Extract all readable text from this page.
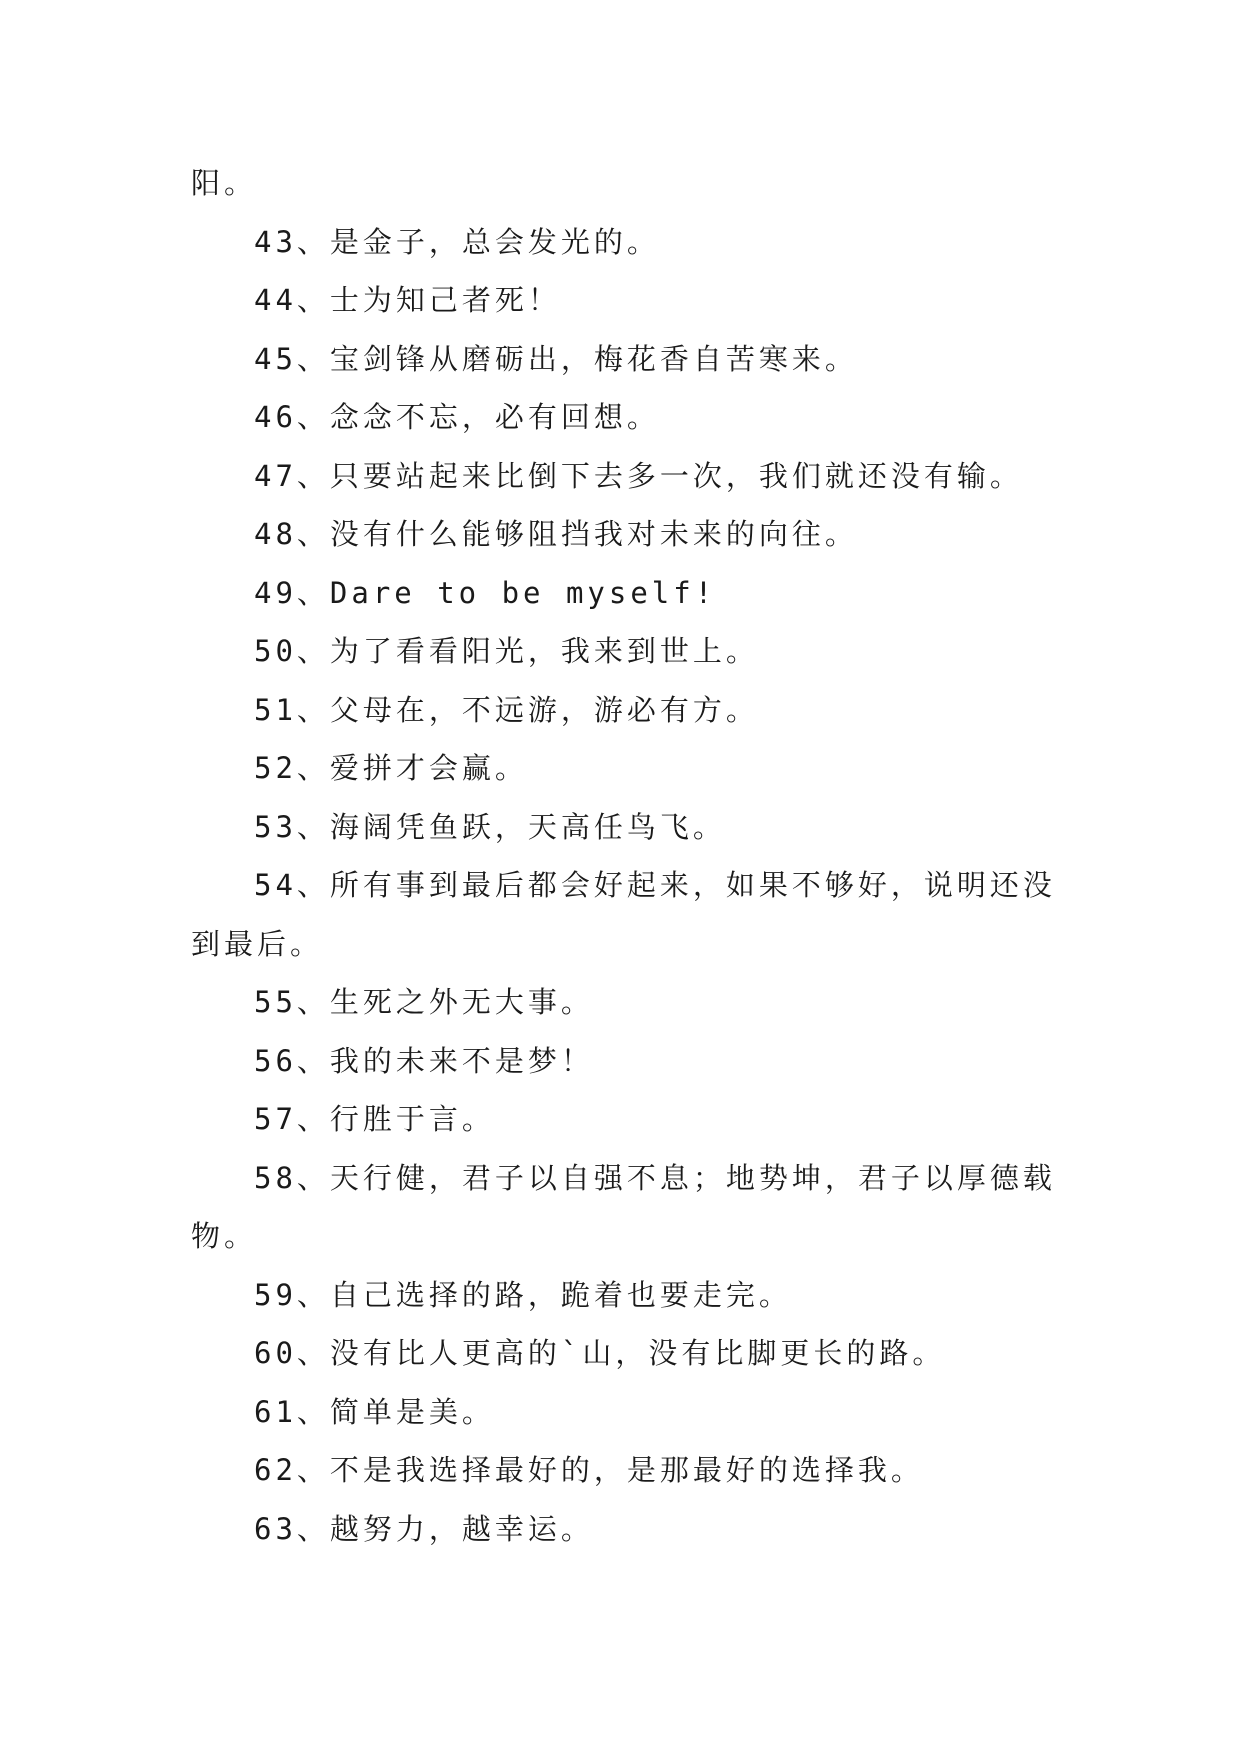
阳。
43、是金子，总会发光的。
44、士为知己者死！
45、宝剑锋从磨砺出，梅花香自苦寒来。
46、念念不忘，必有回想。
47、只要站起来比倒下去多一次，我们就还没有输。
48、没有什么能够阻挡我对未来的向往。
49、Dare to be myself!
50、为了看看阳光，我来到世上。
51、父母在，不远游，游必有方。
52、爱拼才会赢。
53、海阔凭鱼跃，天高任鸟飞。
54、所有事到最后都会好起来，如果不够好，说明还没
到最后。
55、生死之外无大事。
56、我的未来不是梦！
57、行胜于言。
58、天行健，君子以自强不息；地势坤，君子以厚德载
物。
59、自己选择的路，跪着也要走完。
60、没有比人更高的`山，没有比脚更长的路。
61、简单是美。
62、不是我选择最好的，是那最好的选择我。
63、越努力，越幸运。
